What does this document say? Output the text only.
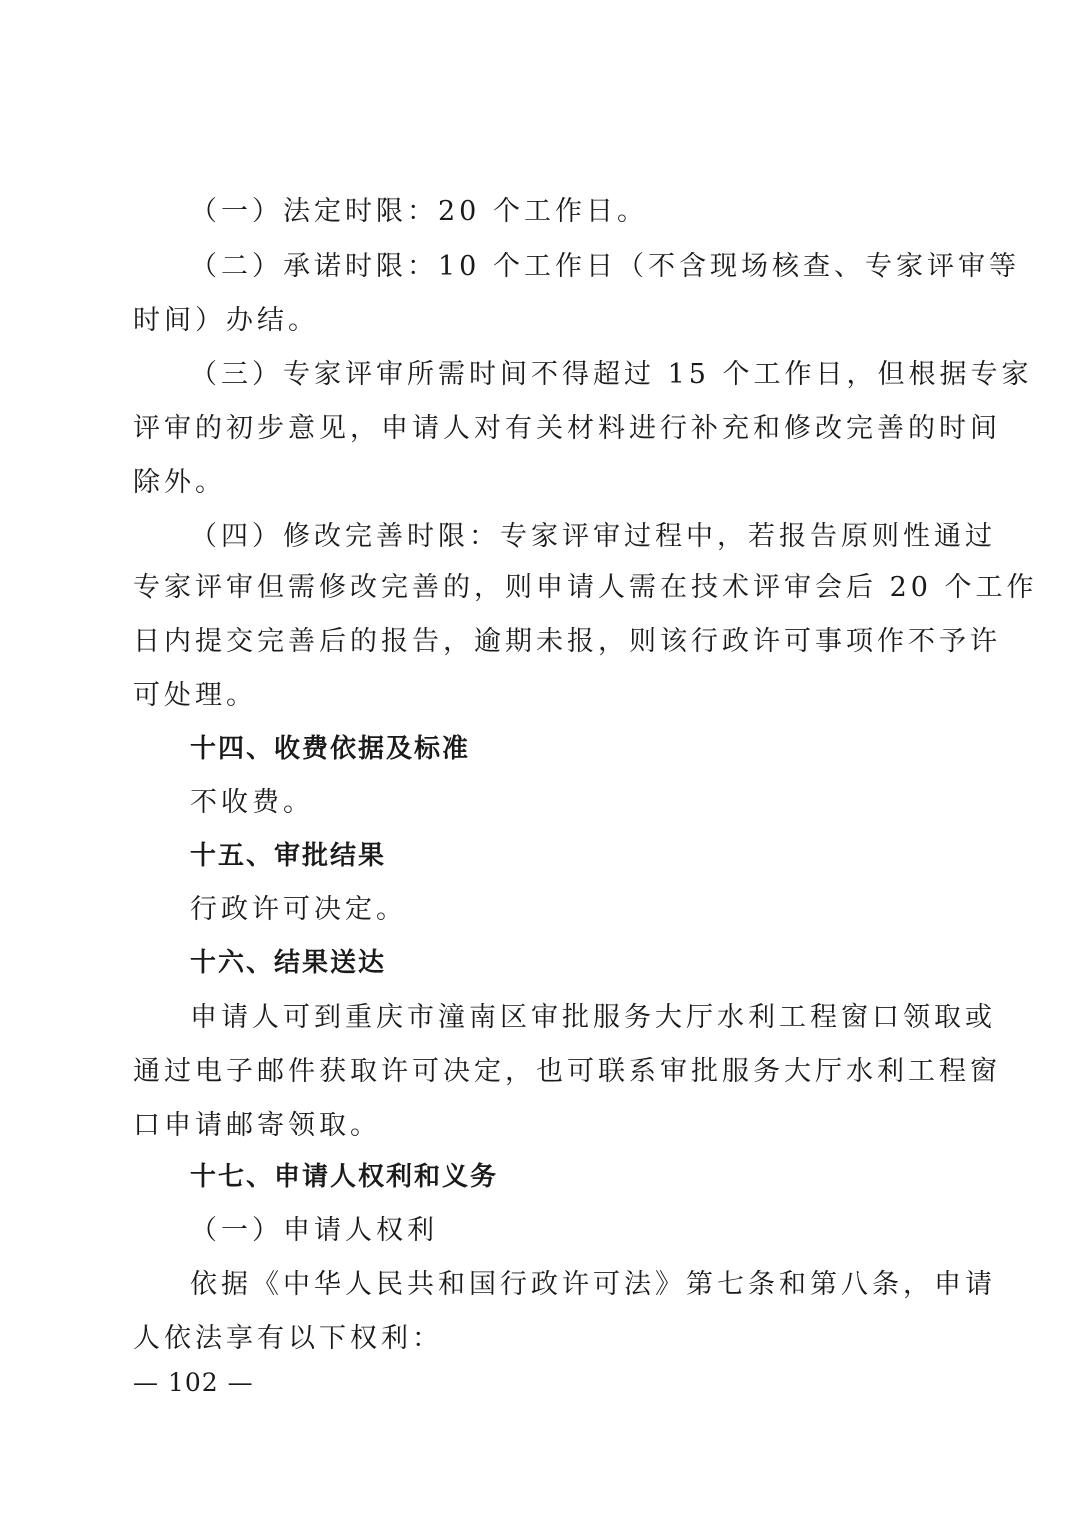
（一）法定时限：20 个工作日。
（二）承诺时限：10 个工作日（不含现场核查、专家评审等
时间）办结。
（三）专家评审所需时间不得超过 15 个工作日，但根据专家
评审的初步意见，申请人对有关材料进行补充和修改完善的时间
除外。
（四）修改完善时限：专家评审过程中，若报告原则性通过
专家评审但需修改完善的，则申请人需在技术评审会后 20 个工作
日内提交完善后的报告，逾期未报，则该行政许可事项作不予许
可处理。
十四、收费依据及标准
不收费。
十五、审批结果
行政许可决定。
十六、结果送达
申请人可到重庆市潼南区审批服务大厅水利工程窗口领取或
通过电子邮件获取许可决定，也可联系审批服务大厅水利工程窗
口申请邮寄领取。
十七、申请人权利和义务
（一）申请人权利
依据《中华人民共和国行政许可法》第七条和第八条，申请
人依法享有以下权利：
— 102 —
